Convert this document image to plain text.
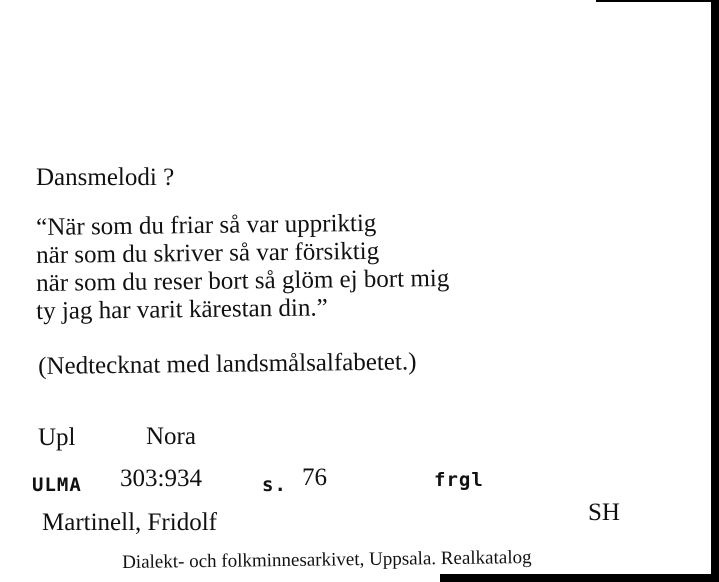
Dansmelodi ?
“När som du friar så var uppriktig
när som du skriver så var försiktig
när som du reser bort så glöm ej bort mig
ty jag har varit kärestan din.”
(Nedtecknat med landsmålsalfabetet.)
Upl	Nora
ULMA 303:934	s. 76	frgl
Martinell, Fridolf	SH
Dialekt- och folkminnesarkivet, Uppsala. Realkatalog
